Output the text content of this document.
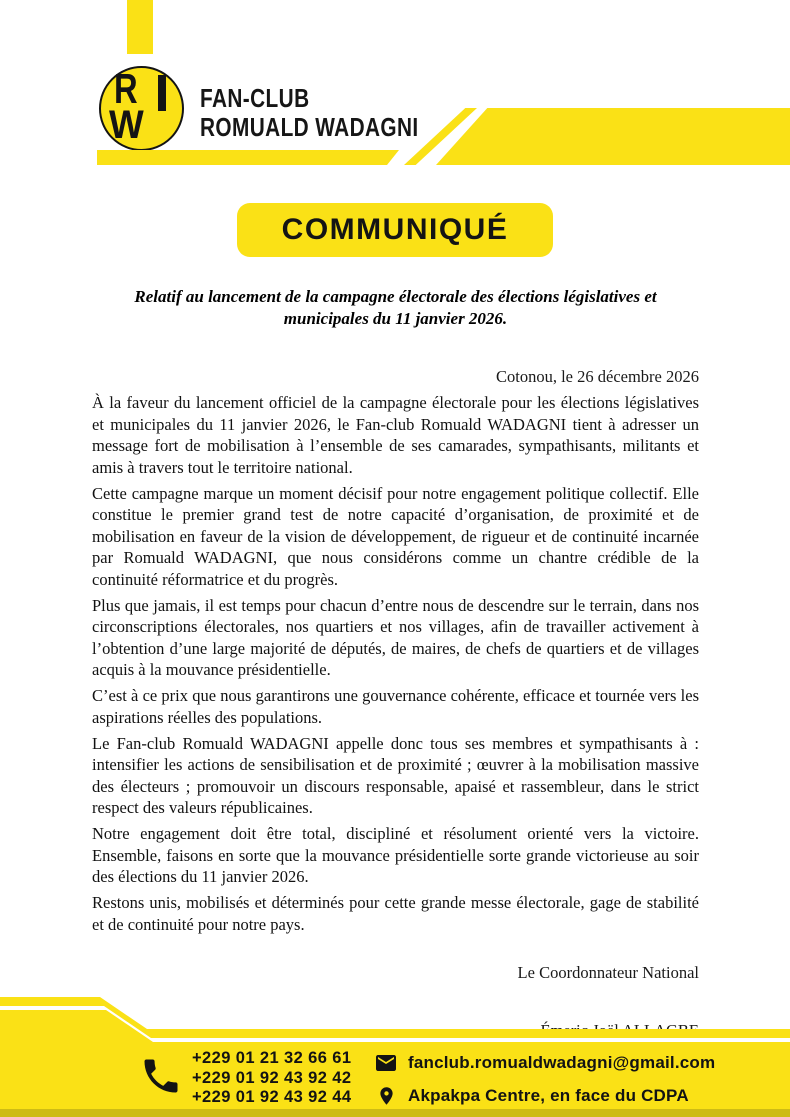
R
W
FAN-CLUB
ROMUALD WADAGNI
COMMUNIQUÉ
Relatif au lancement de la campagne électorale des élections législatives et municipales du 11 janvier 2026.
Cotonou, le 26 décembre 2026

À la faveur du lancement officiel de la campagne électorale pour les élections législatives et municipales du 11 janvier 2026, le Fan-club Romuald WADAGNI tient à adresser un message fort de mobilisation à l’ensemble de ses camarades, sympathisants, militants et amis à travers tout le territoire national.

Cette campagne marque un moment décisif pour notre engagement politique collectif. Elle constitue le premier grand test de notre capacité d’organisation, de proximité et de mobilisation en faveur de la vision de développement, de rigueur et de continuité incarnée par Romuald WADAGNI, que nous considérons comme un chantre crédible de la continuité réformatrice et du progrès.

Plus que jamais, il est temps pour chacun d’entre nous de descendre sur le terrain, dans nos circonscriptions électorales, nos quartiers et nos villages, afin de travailler activement à l’obtention d’une large majorité de députés, de maires, de chefs de quartiers et de villages acquis à la mouvance présidentielle.

C’est à ce prix que nous garantirons une gouvernance cohérente, efficace et tournée vers les aspirations réelles des populations.

Le Fan-club Romuald WADAGNI appelle donc tous ses membres et sympathisants à : intensifier les actions de sensibilisation et de proximité ; œuvrer à la mobilisation massive des électeurs ; promouvoir un discours responsable, apaisé et rassembleur, dans le strict respect des valeurs républicaines.

Notre engagement doit être total, discipliné et résolument orienté vers la victoire. Ensemble, faisons en sorte que la mouvance présidentielle sorte grande victorieuse au soir des élections du 11 janvier 2026.

Restons unis, mobilisés et déterminés pour cette grande messe électorale, gage de stabilité et de continuité pour notre pays.

Le Coordonnateur National
+229 01 21 32 66 61
+229 01 92 43 92 42
+229 01 92 43 92 44
fanclub.romualdwadagni@gmail.com
Akpakpa Centre, en face du CDPA
